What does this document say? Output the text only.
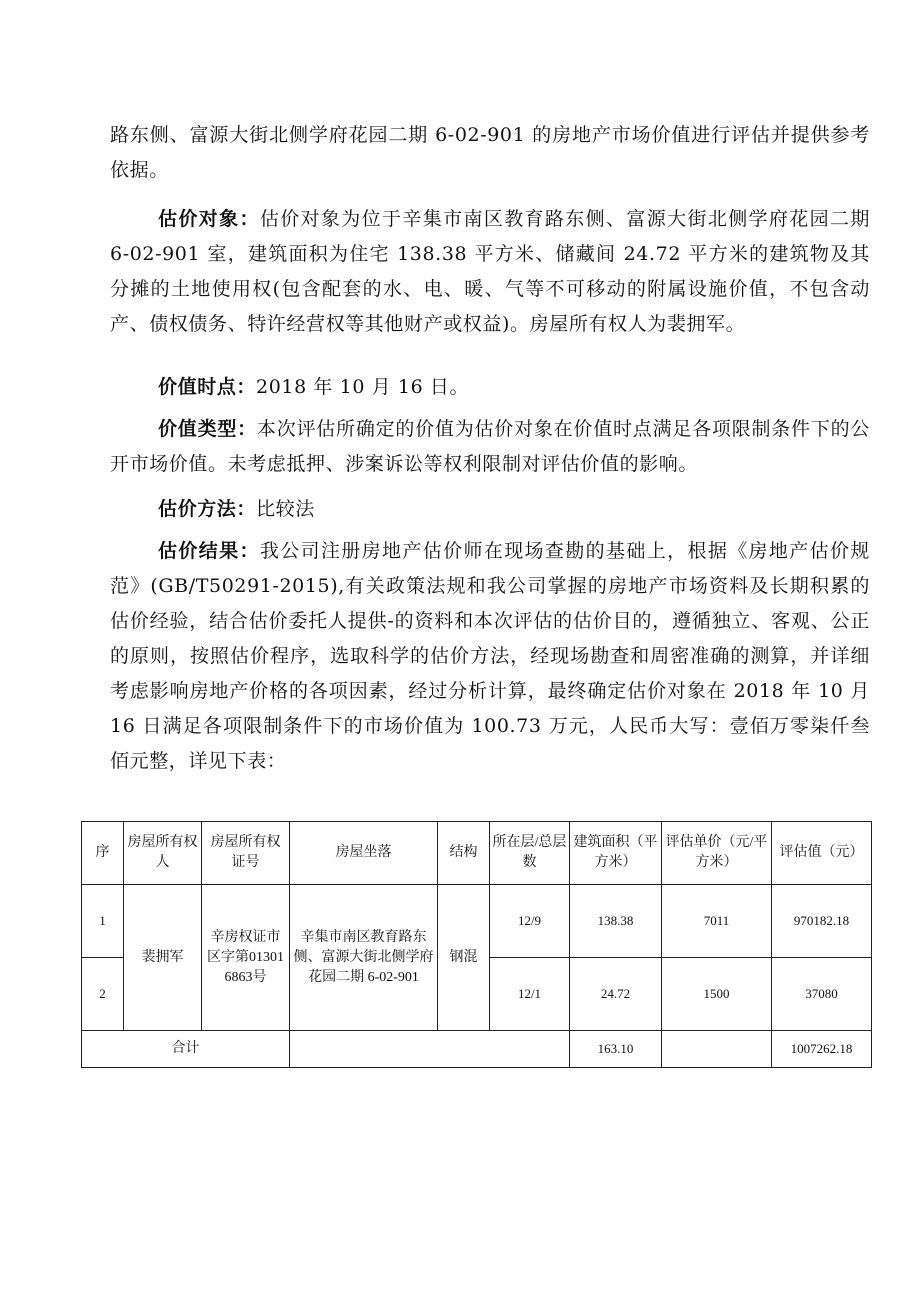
路东侧、富源大街北侧学府花园二期 6-02-901 的房地产市场价值进行评估并提供参考依据。

估价对象：估价对象为位于辛集市南区教育路东侧、富源大街北侧学府花园二期 6-02-901 室，建筑面积为住宅 138.38 平方米、储藏间 24.72 平方米的建筑物及其分摊的土地使用权(包含配套的水、电、暖、气等不可移动的附属设施价值，不包含动产、债权债务、特许经营权等其他财产或权益)。房屋所有权人为裴拥军。

价值时点：2018 年 10 月 16 日。

价值类型：本次评估所确定的价值为估价对象在价值时点满足各项限制条件下的公开市场价值。未考虑抵押、涉案诉讼等权利限制对评估价值的影响。

估价方法：比较法

估价结果：我公司注册房地产估价师在现场查勘的基础上，根据《房地产估价规范》(GB/T50291-2015),有关政策法规和我公司掌握的房地产市场资料及长期积累的估价经验，结合估价委托人提供-的资料和本次评估的估价目的，遵循独立、客观、公正的原则，按照估价程序，选取科学的估价方法，经现场勘查和周密准确的测算，并详细考虑影响房地产价格的各项因素，经过分析计算，最终确定估价对象在 2018 年 10 月 16 日满足各项限制条件下的市场价值为 100.73 万元，人民币大写：壹佰万零柒仟叁佰元整，详见下表：

序	房屋所有权人	房屋所有权证号	房屋坐落	结构	所在层/总层数	建筑面积（平方米）	评估单价（元/平方米）	评估值（元）
1	裴拥军	辛房权证市区字第013016863号	辛集市南区教育路东侧、富源大街北侧学府花园二期 6-02-901	钢混	12/9	138.38	7011	970182.18
2					12/1	24.72	1500	37080
合计						163.10		1007262.18
